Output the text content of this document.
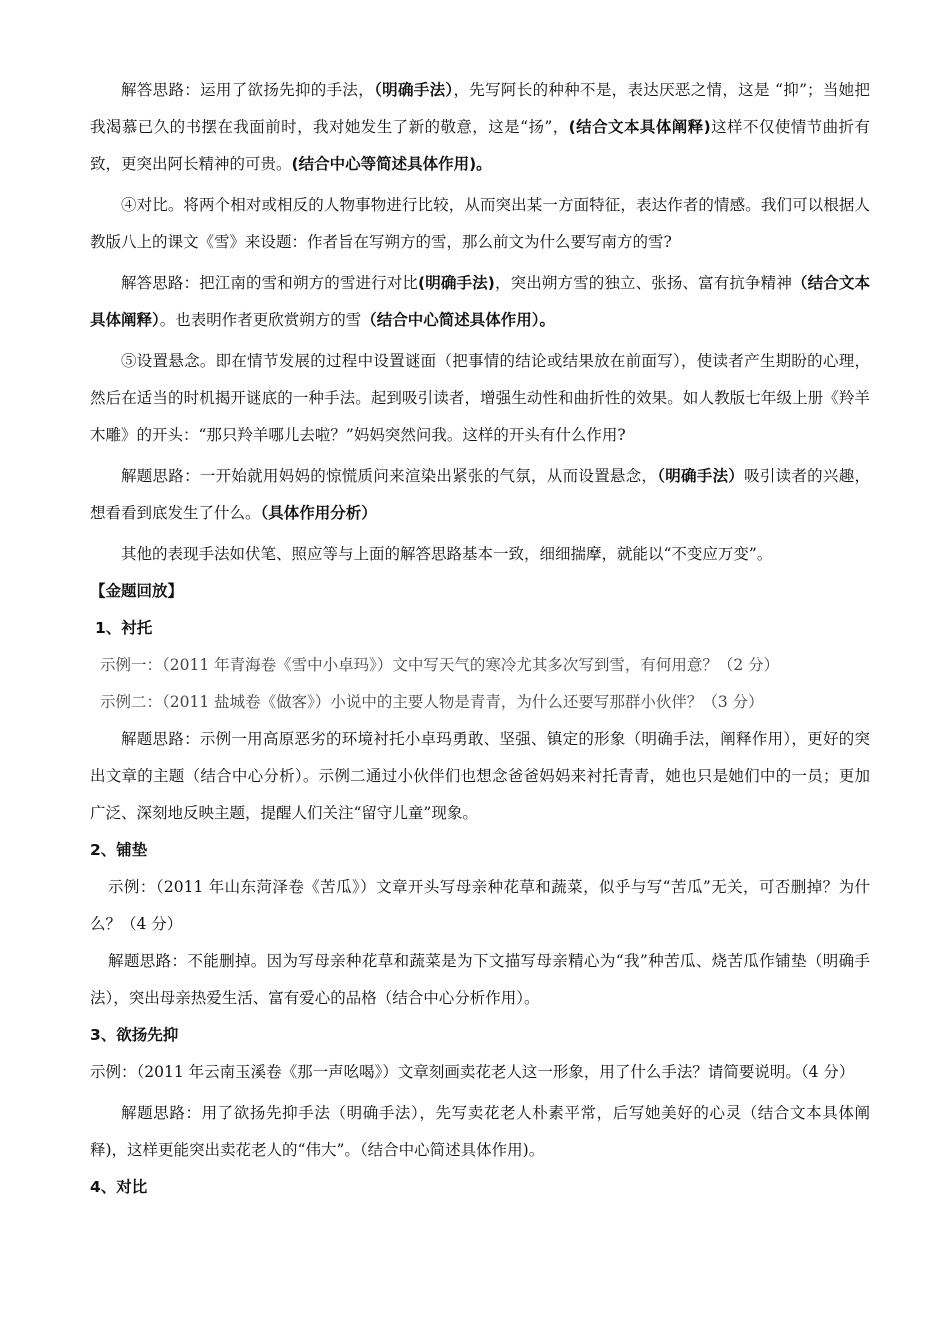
解答思路：运用了欲扬先抑的手法，（明确手法），先写阿长的种种不是，表达厌恶之情，这是 “抑”；当她把我渴慕已久的书摆在我面前时，我对她发生了新的敬意，这是“扬”，(结合文本具体阐释)这样不仅使情节曲折有致，更突出阿长精神的可贵。(结合中心等简述具体作用)。

④对比。将两个相对或相反的人物事物进行比较，从而突出某一方面特征，表达作者的情感。我们可以根据人教版八上的课文《雪》来设题：作者旨在写朔方的雪，那么前文为什么要写南方的雪?

解答思路：把江南的雪和朔方的雪进行对比(明确手法)，突出朔方雪的独立、张扬、富有抗争精神（结合文本具体阐释）。也表明作者更欣赏朔方的雪（结合中心简述具体作用）。

⑤设置悬念。即在情节发展的过程中设置谜面（把事情的结论或结果放在前面写），使读者产生期盼的心理，然后在适当的时机揭开谜底的一种手法。起到吸引读者，增强生动性和曲折性的效果。如人教版七年级上册《羚羊木雕》的开头：“那只羚羊哪儿去啦？”妈妈突然问我。这样的开头有什么作用?

解题思路：一开始就用妈妈的惊慌质问来渲染出紧张的气氛，从而设置悬念，（明确手法）吸引读者的兴趣，想看看到底发生了什么。（具体作用分析）

其他的表现手法如伏笔、照应等与上面的解答思路基本一致，细细揣摩，就能以“不变应万变”。

【金题回放】

1、衬托

示例一：（2011 年青海卷《雪中小卓玛》）文中写天气的寒冷尤其多次写到雪，有何用意？（2 分）

示例二：（2011 盐城卷《做客》）小说中的主要人物是青青，为什么还要写那群小伙伴？（3 分）

解题思路：示例一用高原恶劣的环境衬托小卓玛勇敢、坚强、镇定的形象（明确手法，阐释作用），更好的突出文章的主题（结合中心分析）。示例二通过小伙伴们也想念爸爸妈妈来衬托青青，她也只是她们中的一员；更加广泛、深刻地反映主题，提醒人们关注“留守儿童”现象。

2、铺垫

示例：（2011 年山东菏泽卷《苦瓜》）文章开头写母亲种花草和蔬菜，似乎与写“苦瓜”无关，可否删掉？为什么？（4 分）

解题思路：不能删掉。因为写母亲种花草和蔬菜是为下文描写母亲精心为“我”种苦瓜、烧苦瓜作铺垫（明确手法），突出母亲热爱生活、富有爱心的品格（结合中心分析作用）。

3、欲扬先抑

示例：（2011 年云南玉溪卷《那一声吆喝》）文章刻画卖花老人这一形象，用了什么手法？请简要说明。（4 分）

解题思路：用了欲扬先抑手法（明确手法），先写卖花老人朴素平常，后写她美好的心灵（结合文本具体阐释)，这样更能突出卖花老人的“伟大”。（结合中心简述具体作用)。

4、对比
